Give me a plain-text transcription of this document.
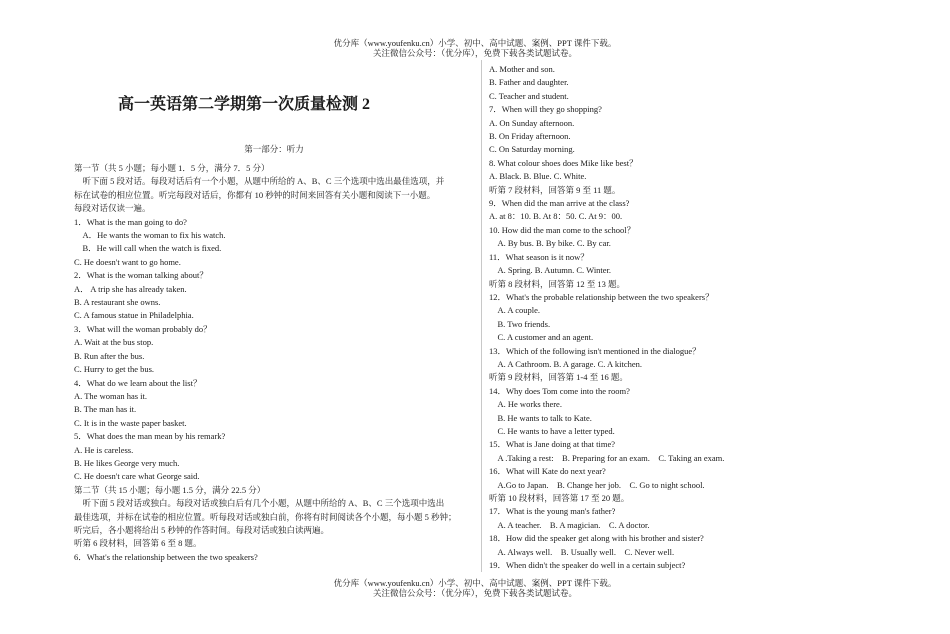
优分库（www.youfenku.cn）小学、初中、高中试题、案例、PPT 课件下载。
关注微信公众号：（优分库），免费下载各类试题试卷。
高一英语第二学期第一次质量检测 2
第一部分：听力
第一节（共 5 小题；每小题 1．5 分，满分 7．5 分）
　听下面 5 段对话。每段对话后有一个小题，从题中所给的 A、B、C 三个选项中选出最佳选项，并
标在试卷的相应位置。听完每段对话后，你都有 10 秒钟的时间来回答有关小题和阅读下一小题。
每段对话仅读一遍。
1．What is the man going to do?
　A．He wants the woman to fix his watch.
　B．He will call when the watch is fixed.
C. He doesn't want to go home.
2．What is the woman talking about？
A． A trip she has already taken.
B. A restaurant she owns.
C. A famous statue in Philadelphia.
3．What will the woman probably do？
A. Wait at the bus stop.
B. Run after the bus.
C. Hurry to get the bus.
4．What do we learn about the list？
A. The woman has it.
B. The man has it.
C. It is in the waste paper basket.
5．What does the man mean by his remark?
A. He is careless.
B. He likes George very much.
C. He doesn't care what George said.
第二节（共 15 小题；每小题 1.5 分，满分 22.5 分）
　听下面 5 段对话或独白。每段对话或独白后有几个小题，从题中所给的 A、B、C 三个选项中选出
最佳选项，并标在试卷的相应位置。听每段对话或独白前，你将有时间阅读各个小题，每小题 5 秒钟；
听完后，各小题将给出 5 秒钟的作答时间。每段对话或独白读两遍。
听第 6 段材料，回答第 6 至 8 题。
6．What's the relationship between the two speakers?
A. Mother and son.
B. Father and daughter.
C. Teacher and student.
7．When will they go shopping?
A. On Sunday afternoon.
B. On Friday afternoon.
C. On Saturday morning.
8. What colour shoes does Mike like best？
A. Black. B. Blue. C. White.
听第 7 段材料，回答第 9 至 11 题。
9．When did the man arrive at the class?
A. at 8：10. B. At 8：50. C. At 9：00.
10. How did the man come to the school？
　A. By bus. B. By bike. C. By car.
11．What season is it now？
　A. Spring. B. Autumn. C. Winter.
听第 8 段材料，回答第 12 至 13 题。
12．What's the probable relationship between the two speakers？
　A. A couple.
　B. Two friends.
　C. A customer and an agent.
13．Which of the following isn't mentioned in the dialogue？
　A. A Cathroom. B. A garage. C. A kitchen.
听第 9 段材料，回答第 1-4 至 16 题。
14．Why does Tom come into the room?
　A. He works there.
　B. He wants to talk to Kate.
　C. He wants to have a letter typed.
15．What is Jane doing at that time?
　A .Taking a rest:　B. Preparing for an exam.　C. Taking an exam.
16．What will Kate do next year?
　A.Go to Japan.　B. Change her job.　C. Go to night school.
听第 10 段材料，回答第 17 至 20 题。
17．What is the young man's father?
　A. A teacher.　B. A magician.　C. A doctor.
18．How did the speaker get along with his brother and sister?
　A. Always well.　B. Usually well.　C. Never well.
19．When didn't the speaker do well in a certain subject?
优分库（www.youfenku.cn）小学、初中、高中试题、案例、PPT 课件下载。
关注微信公众号：（优分库），免费下载各类试题试卷。
